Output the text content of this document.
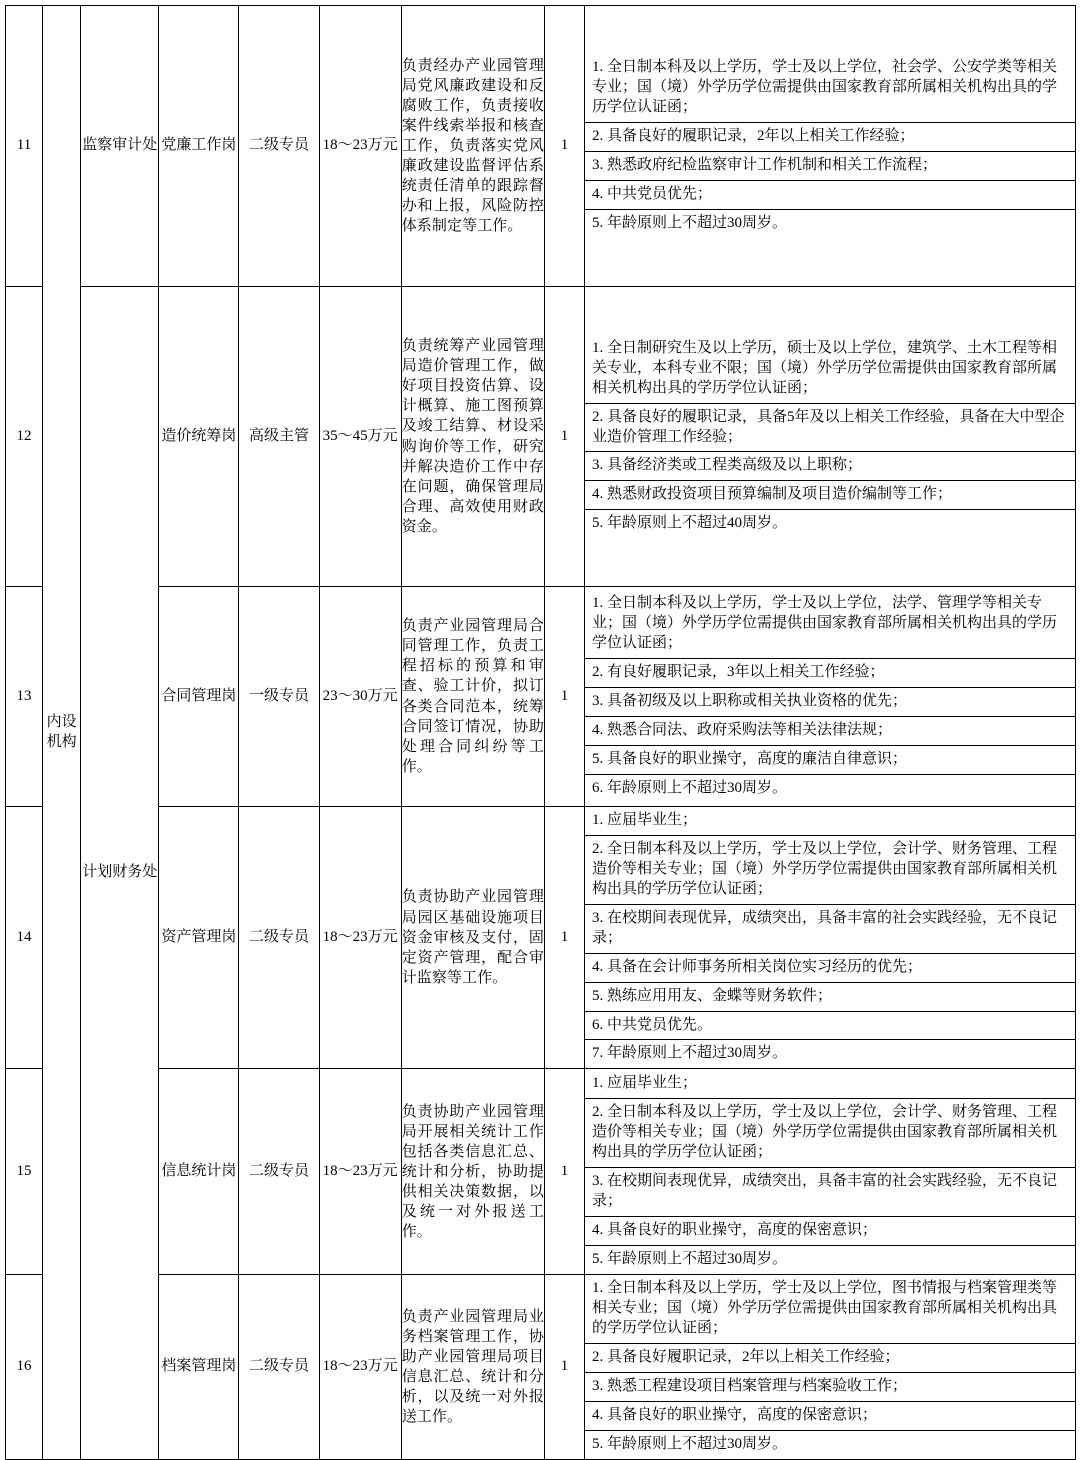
11	内设机构	监察审计处	党廉工作岗	二级专员	18～23万元	负责经办产业园管理局党风廉政建设和反腐败工作，负责接收案件线索举报和核查工作，负责落实党风廉政建设监督评估系统责任清单的跟踪督办和上报，风险防控体系制定等工作。	1	
1. 全日制本科及以上学历，学士及以上学位，社会学、公安学类等相关专业；国（境）外学历学位需提供由国家教育部所属相关机构出具的学历学位认证函；
2. 具备良好的履职记录，2年以上相关工作经验；
3. 熟悉政府纪检监察审计工作机制和相关工作流程；
4. 中共党员优先；
5. 年龄原则上不超过30周岁。

12	计划财务处	造价统筹岗	高级主管	35～45万元	负责统筹产业园管理局造价管理工作，做好项目投资估算、设计概算、施工图预算及竣工结算、材设采购询价等工作，研究并解决造价工作中存在问题，确保管理局合理、高效使用财政资金。	1	
1. 全日制研究生及以上学历，硕士及以上学位，建筑学、土木工程等相关专业，本科专业不限；国（境）外学历学位需提供由国家教育部所属相关机构出具的学历学位认证函；
2. 具备良好的履职记录，具备5年及以上相关工作经验，具备在大中型企业造价管理工作经验；
3. 具备经济类或工程类高级及以上职称；
4. 熟悉财政投资项目预算编制及项目造价编制等工作；
5. 年龄原则上不超过40周岁。

13	合同管理岗	一级专员	23～30万元	负责产业园管理局合同管理工作，负责工程招标的预算和审查、验工计价，拟订各类合同范本，统筹合同签订情况，协助处理合同纠纷等工作。	1	
1. 全日制本科及以上学历，学士及以上学位，法学、管理学等相关专业；国（境）外学历学位需提供由国家教育部所属相关机构出具的学历学位认证函；
2. 有良好履职记录，3年以上相关工作经验；
3. 具备初级及以上职称或相关执业资格的优先；
4. 熟悉合同法、政府采购法等相关法律法规；
5. 具备良好的职业操守，高度的廉洁自律意识；
6. 年龄原则上不超过30周岁。

14	资产管理岗	二级专员	18～23万元	负责协助产业园管理局园区基础设施项目资金审核及支付，固定资产管理，配合审计监察等工作。	1	
1. 应届毕业生；
2. 全日制本科及以上学历，学士及以上学位，会计学、财务管理、工程造价等相关专业；国（境）外学历学位需提供由国家教育部所属相关机构出具的学历学位认证函；
3. 在校期间表现优异，成绩突出，具备丰富的社会实践经验，无不良记录；
4. 具备在会计师事务所相关岗位实习经历的优先；
5. 熟练应用用友、金蝶等财务软件；
6. 中共党员优先。
7. 年龄原则上不超过30周岁。

15	信息统计岗	二级专员	18～23万元	负责协助产业园管理局开展相关统计工作包括各类信息汇总、统计和分析，协助提供相关决策数据，以及统一对外报送工作。	1	
1. 应届毕业生；
2. 全日制本科及以上学历，学士及以上学位，会计学、财务管理、工程造价等相关专业；国（境）外学历学位需提供由国家教育部所属相关机构出具的学历学位认证函；
3. 在校期间表现优异，成绩突出，具备丰富的社会实践经验，无不良记录；
4. 具备良好的职业操守，高度的保密意识；
5. 年龄原则上不超过30周岁。

16	档案管理岗	二级专员	18～23万元	负责产业园管理局业务档案管理工作，协助产业园管理局项目信息汇总、统计和分析，以及统一对外报送工作。	1	
1. 全日制本科及以上学历，学士及以上学位，图书情报与档案管理类等相关专业；国（境）外学历学位需提供由国家教育部所属相关机构出具的学历学位认证函；
2. 具备良好履职记录，2年以上相关工作经验；
3. 熟悉工程建设项目档案管理与档案验收工作；
4. 具备良好的职业操守，高度的保密意识；
5. 年龄原则上不超过30周岁。
